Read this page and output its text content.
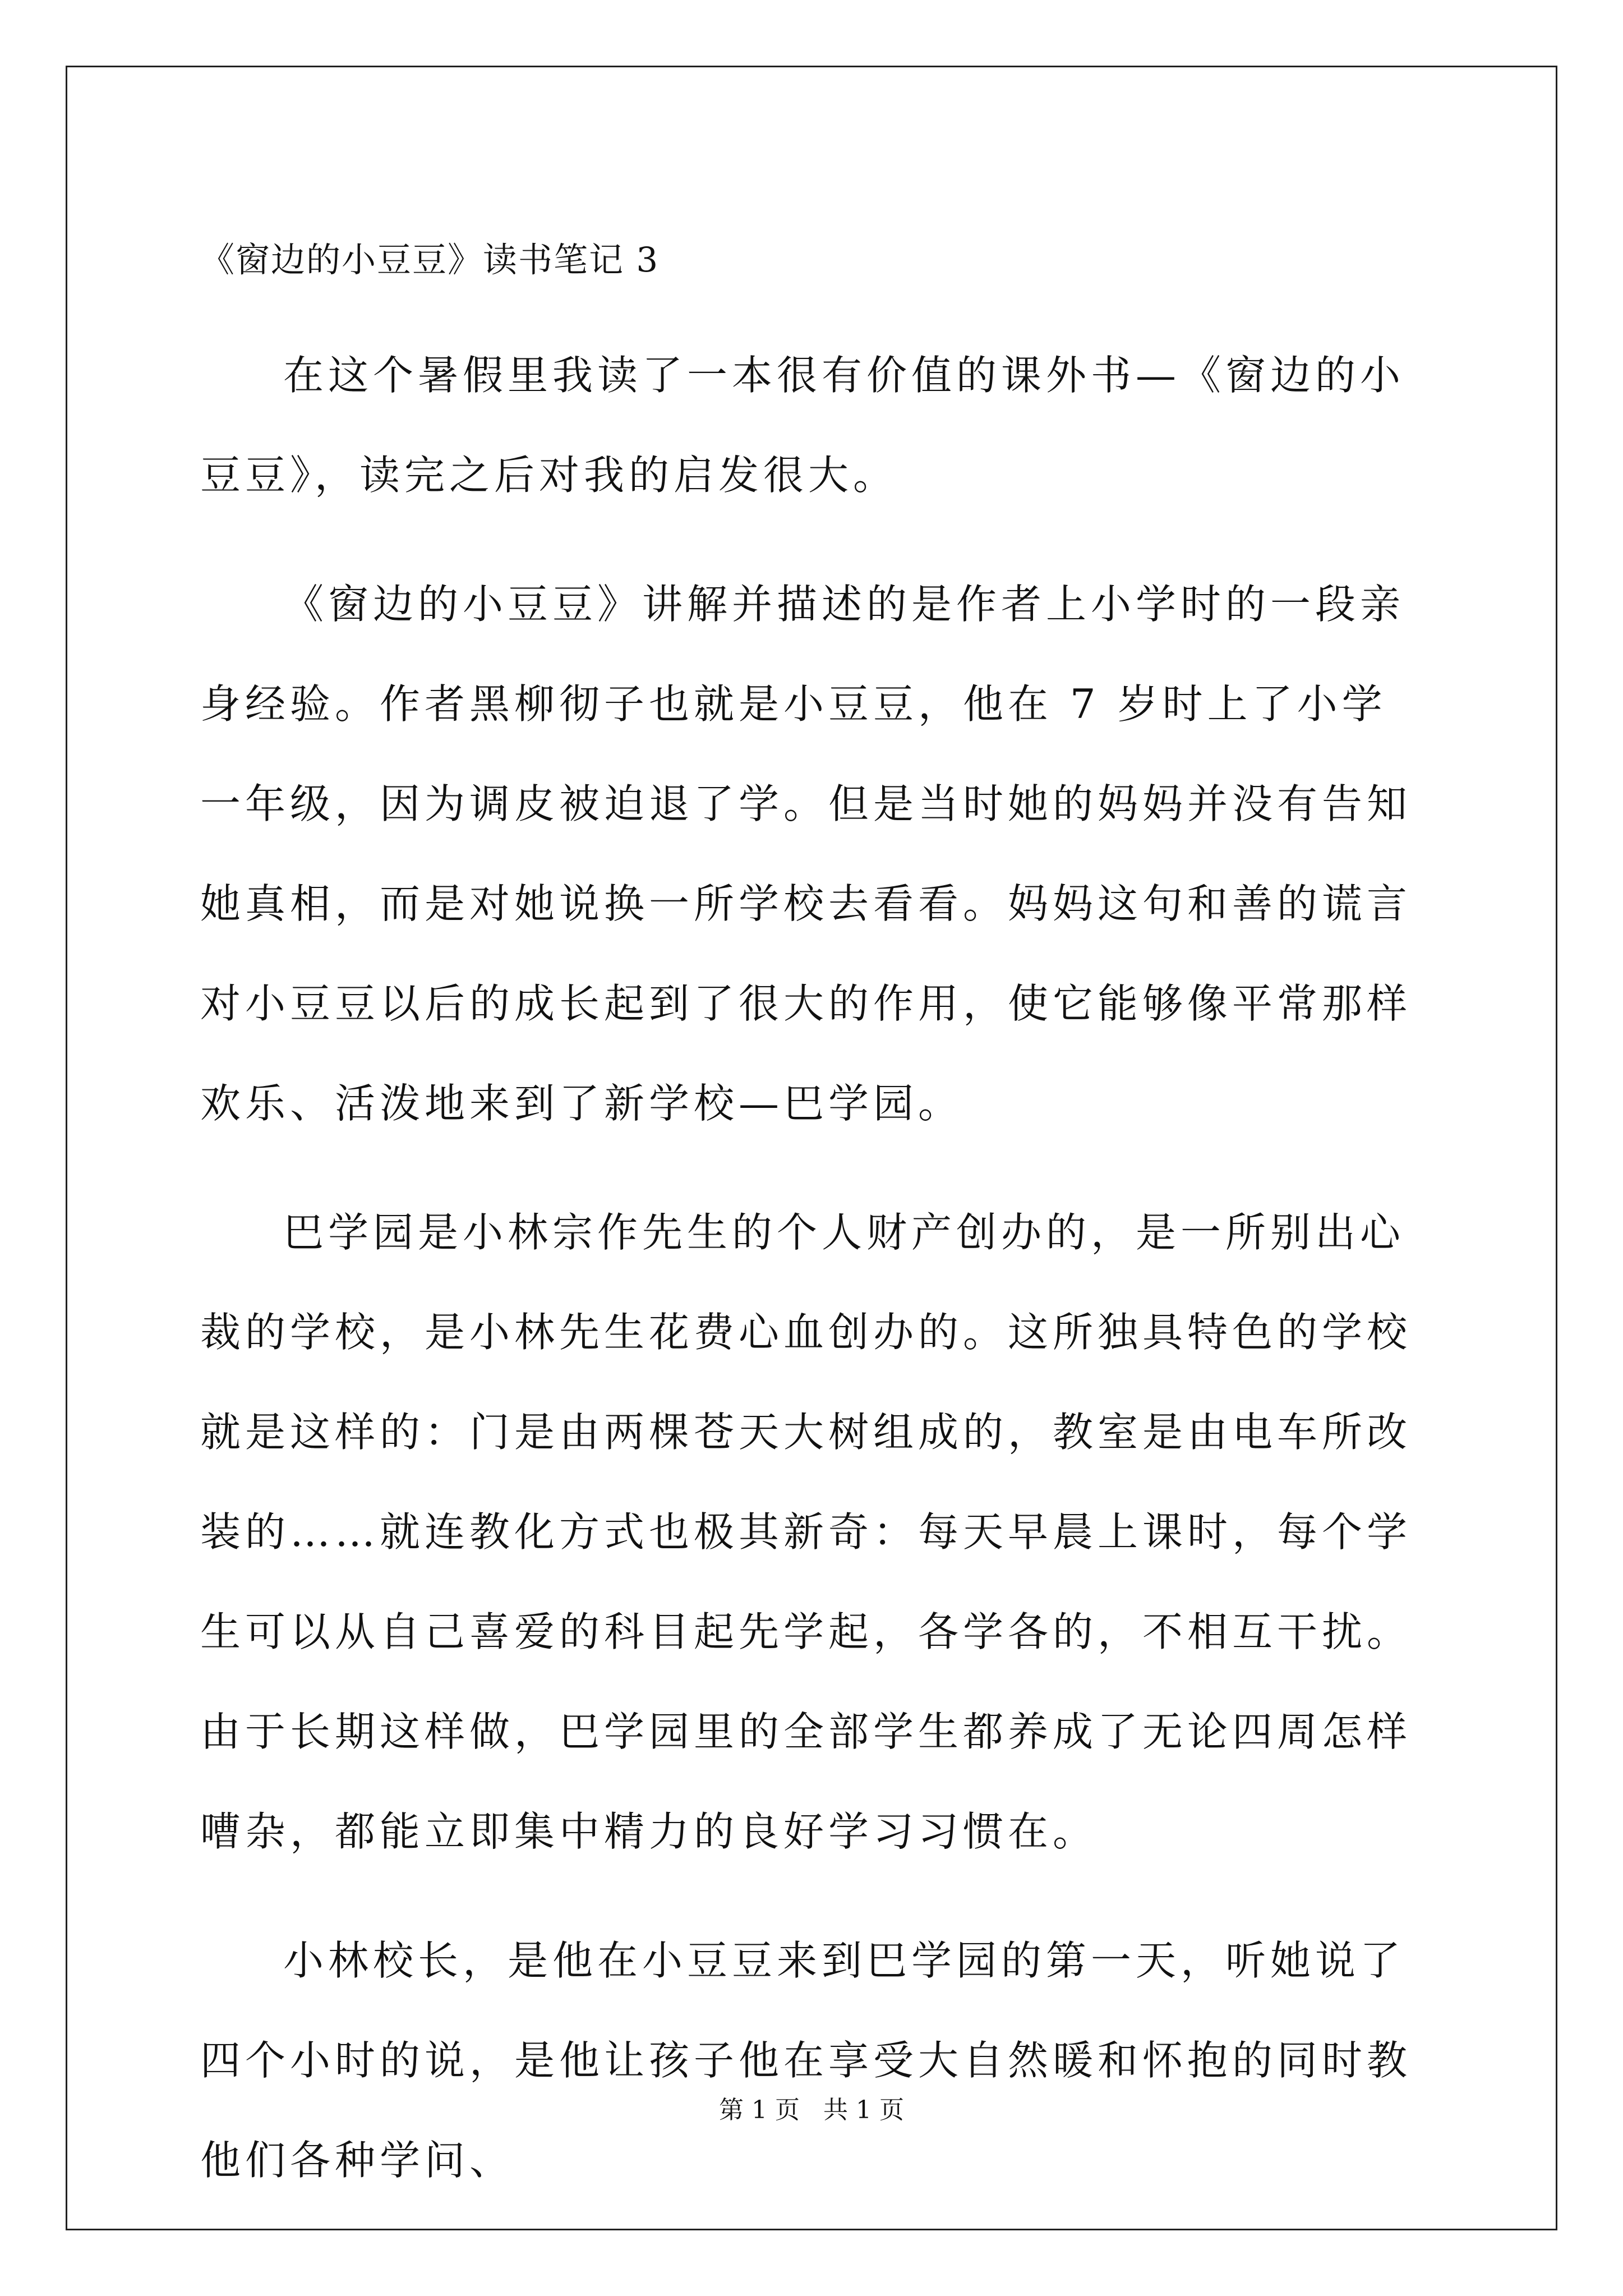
《窗边的小豆豆》读书笔记 3

在这个暑假里我读了一本很有价值的课外书—《窗边的小豆豆》，读完之后对我的启发很大。

《窗边的小豆豆》讲解并描述的是作者上小学时的一段亲身经验。作者黑柳彻子也就是小豆豆，他在 7 岁时上了小学一年级，因为调皮被迫退了学。但是当时她的妈妈并没有告知她真相，而是对她说换一所学校去看看。妈妈这句和善的谎言对小豆豆以后的成长起到了很大的作用，使它能够像平常那样欢乐、活泼地来到了新学校—巴学园。

巴学园是小林宗作先生的个人财产创办的，是一所别出心裁的学校，是小林先生花费心血创办的。这所独具特色的学校就是这样的：门是由两棵苍天大树组成的，教室是由电车所改装的……就连教化方式也极其新奇：每天早晨上课时，每个学生可以从自己喜爱的科目起先学起，各学各的，不相互干扰。由于长期这样做，巴学园里的全部学生都养成了无论四周怎样嘈杂，都能立即集中精力的良好学习习惯在。

小林校长，是他在小豆豆来到巴学园的第一天，听她说了四个小时的说，是他让孩子他在享受大自然暖和怀抱的同时教他们各种学问、

第 1 页   共 1 页
